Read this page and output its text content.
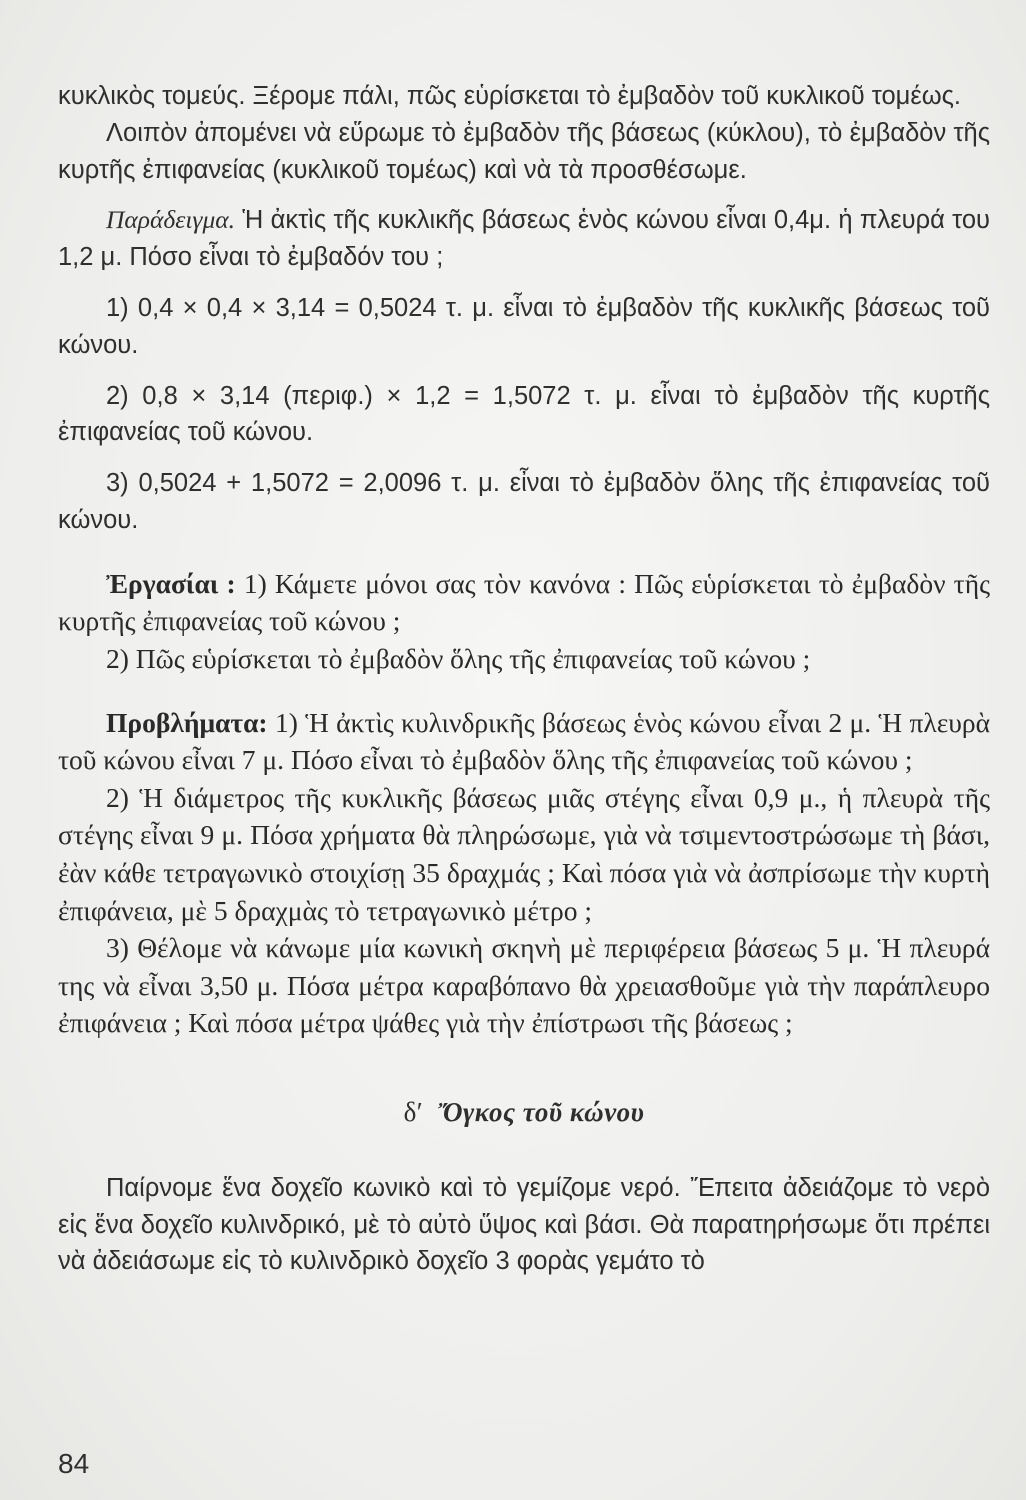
κυκλικὸς τομεύς. Ξέρομε πάλι, πῶς εὑρίσκεται τὸ ἐμβαδὸν τοῦ κυκλικοῦ τομέως.

Λοιπὸν ἀπομένει νὰ εὕρωμε τὸ ἐμβαδὸν τῆς βάσεως (κύκλου), τὸ ἐμβαδὸν τῆς κυρτῆς ἐπιφανείας (κυκλικοῦ τομέως) καὶ νὰ τὰ προσθέσωμε.

Παράδειγμα. Ἡ ἀκτὶς τῆς κυκλικῆς βάσεως ἑνὸς κώνου εἶναι 0,4μ. ἡ πλευρά του 1,2 μ. Πόσο εἶναι τὸ ἐμβαδόν του ;

1) 0,4 × 0,4 × 3,14 = 0,5024 τ. μ. εἶναι τὸ ἐμβαδὸν τῆς κυκλικῆς βάσεως τοῦ κώνου.

2) 0,8 × 3,14 (περιφ.) × 1,2 = 1,5072 τ. μ. εἶναι τὸ ἐμβαδὸν τῆς κυρτῆς ἐπιφανείας τοῦ κώνου.

3) 0,5024 + 1,5072 = 2,0096 τ. μ. εἶναι τὸ ἐμβαδὸν ὅλης τῆς ἐπιφανείας τοῦ κώνου.

Ἐργασίαι : 1) Κάμετε μόνοι σας τὸν κανόνα : Πῶς εὑρίσκεται τὸ ἐμβαδὸν τῆς κυρτῆς ἐπιφανείας τοῦ κώνου ;

2) Πῶς εὑρίσκεται τὸ ἐμβαδὸν ὅλης τῆς ἐπιφανείας τοῦ κώνου ;

Προβλήματα: 1) Ἡ ἀκτὶς κυλινδρικῆς βάσεως ἑνὸς κώνου εἶναι 2 μ. Ἡ πλευρὰ τοῦ κώνου εἶναι 7 μ. Πόσο εἶναι τὸ ἐμβαδὸν ὅλης τῆς ἐπιφανείας τοῦ κώνου ;

2) Ἡ διάμετρος τῆς κυκλικῆς βάσεως μιᾶς στέγης εἶναι 0,9 μ., ἡ πλευρὰ τῆς στέγης εἶναι 9 μ. Πόσα χρήματα θὰ πληρώσωμε, γιὰ νὰ τσιμεντοστρώσωμε τὴ βάσι, ἐὰν κάθε τετραγωνικὸ στοιχίσῃ 35 δραχμάς ; Καὶ πόσα γιὰ νὰ ἀσπρίσωμε τὴν κυρτὴ ἐπιφάνεια, μὲ 5 δραχμὰς τὸ τετραγωνικὸ μέτρο ;

3) Θέλομε νὰ κάνωμε μία κωνικὴ σκηνὴ μὲ περιφέρεια βάσεως 5 μ. Ἡ πλευρά της νὰ εἶναι 3,50 μ. Πόσα μέτρα καραβόπανο θὰ χρειασθοῦμε γιὰ τὴν παράπλευρο ἐπιφάνεια ; Καὶ πόσα μέτρα ψάθες γιὰ τὴν ἐπίστρωσι τῆς βάσεως ;

δ′ Ὄγκος τοῦ κώνου

Παίρνομε ἕνα δοχεῖο κωνικὸ καὶ τὸ γεμίζομε νερό. Ἔπειτα ἀδειάζομε τὸ νερὸ εἰς ἕνα δοχεῖο κυλινδρικό, μὲ τὸ αὐτὸ ὕψος καὶ βάσι. Θὰ παρατηρήσωμε ὅτι πρέπει νὰ ἀδειάσωμε εἰς τὸ κυλινδρικὸ δοχεῖο 3 φορὰς γεμάτο τὸ

84
